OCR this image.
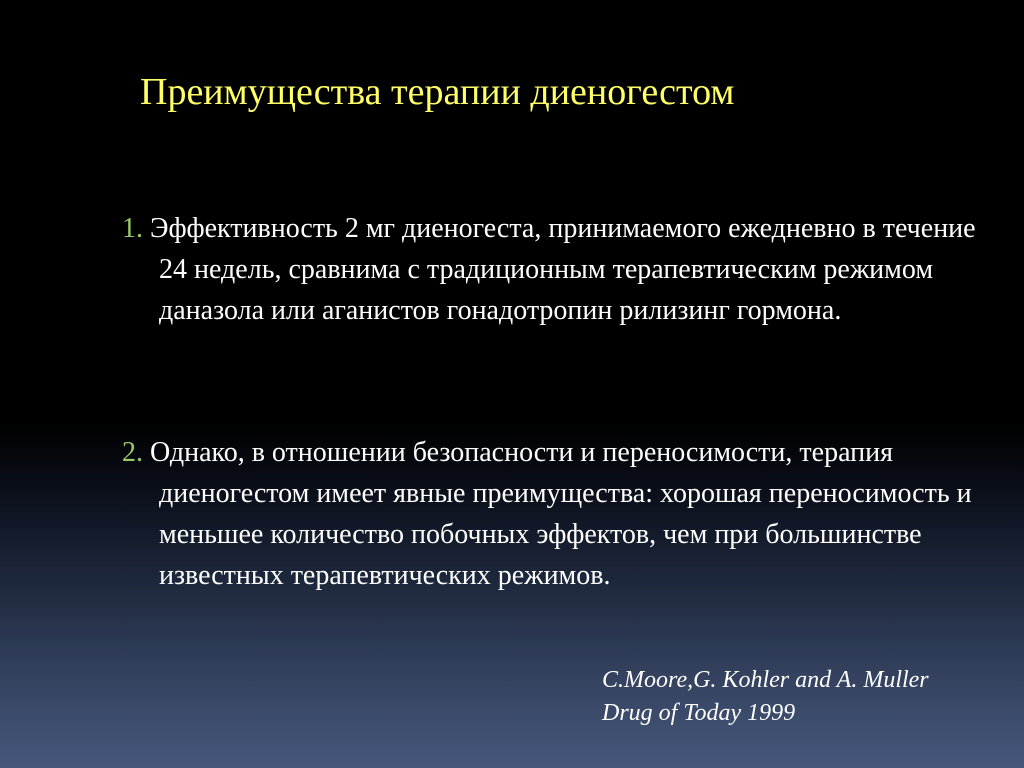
Преимущества терапии диеногестом
1. Эффективность 2 мг диеногеста, принимаемого ежедневно в течение 24 недель, сравнима с традиционным терапевтическим режимом даназола или аганистов гонадотропин рилизинг гормона.
2. Однако, в отношении безопасности и переносимости, терапия диеногестом имеет явные преимущества: хорошая переносимость и меньшее количество побочных эффектов, чем при большинстве известных терапевтических режимов.
C.Moore,G. Kohler and A. Muller
Drug of Today 1999
